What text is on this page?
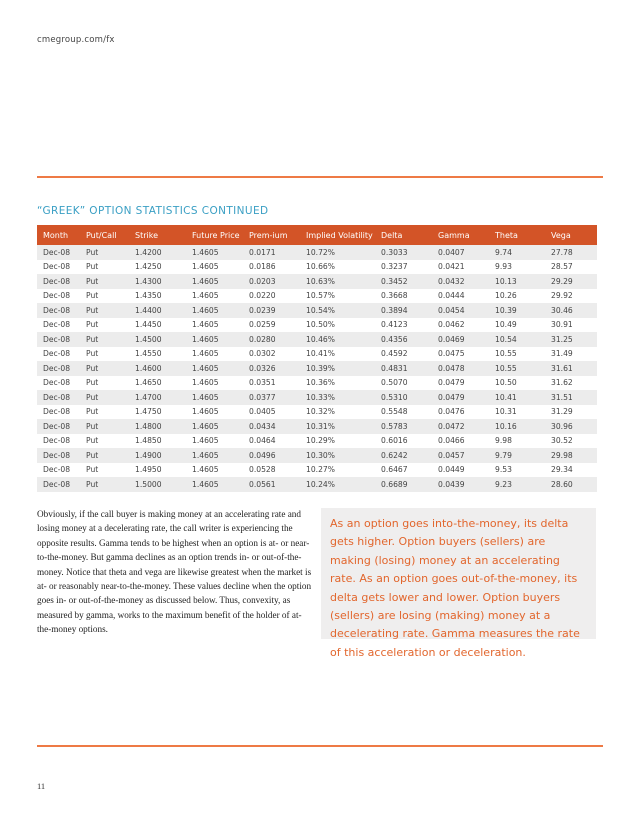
cmegroup.com/fx
“GREEK” OPTION STATISTICS CONTINUED
Month	Put/Call	Strike	Future Price	Prem-ium	Implied Volatility	Delta	Gamma	Theta	Vega
Dec-08	Put	1.4200	1.4605	0.0171	10.72%	0.3033	0.0407	9.74	27.78
Dec-08	Put	1.4250	1.4605	0.0186	10.66%	0.3237	0.0421	9.93	28.57
Dec-08	Put	1.4300	1.4605	0.0203	10.63%	0.3452	0.0432	10.13	29.29
Dec-08	Put	1.4350	1.4605	0.0220	10.57%	0.3668	0.0444	10.26	29.92
Dec-08	Put	1.4400	1.4605	0.0239	10.54%	0.3894	0.0454	10.39	30.46
Dec-08	Put	1.4450	1.4605	0.0259	10.50%	0.4123	0.0462	10.49	30.91
Dec-08	Put	1.4500	1.4605	0.0280	10.46%	0.4356	0.0469	10.54	31.25
Dec-08	Put	1.4550	1.4605	0.0302	10.41%	0.4592	0.0475	10.55	31.49
Dec-08	Put	1.4600	1.4605	0.0326	10.39%	0.4831	0.0478	10.55	31.61
Dec-08	Put	1.4650	1.4605	0.0351	10.36%	0.5070	0.0479	10.50	31.62
Dec-08	Put	1.4700	1.4605	0.0377	10.33%	0.5310	0.0479	10.41	31.51
Dec-08	Put	1.4750	1.4605	0.0405	10.32%	0.5548	0.0476	10.31	31.29
Dec-08	Put	1.4800	1.4605	0.0434	10.31%	0.5783	0.0472	10.16	30.96
Dec-08	Put	1.4850	1.4605	0.0464	10.29%	0.6016	0.0466	9.98	30.52
Dec-08	Put	1.4900	1.4605	0.0496	10.30%	0.6242	0.0457	9.79	29.98
Dec-08	Put	1.4950	1.4605	0.0528	10.27%	0.6467	0.0449	9.53	29.34
Dec-08	Put	1.5000	1.4605	0.0561	10.24%	0.6689	0.0439	9.23	28.60

Obviously, if the call buyer is making money at an accelerating rate and losing money at a decelerating rate, the call writer is experiencing the opposite results. Gamma tends to be highest when an option is at- or near-to-the-money. But gamma declines as an option trends in- or out-of-the-money. Notice that theta and vega are likewise greatest when the market is at- or reasonably near-to-the-money. These values decline when the option goes in- or out-of-the-money as discussed below. Thus, convexity, as measured by gamma, works to the maximum benefit of the holder of at-the-money options.

As an option goes into-the-money, its delta gets higher. Option buyers (sellers) are making (losing) money at an accelerating rate. As an option goes out-of-the-money, its delta gets lower and lower. Option buyers (sellers) are losing (making) money at a decelerating rate. Gamma measures the rate of this acceleration or deceleration.

11
